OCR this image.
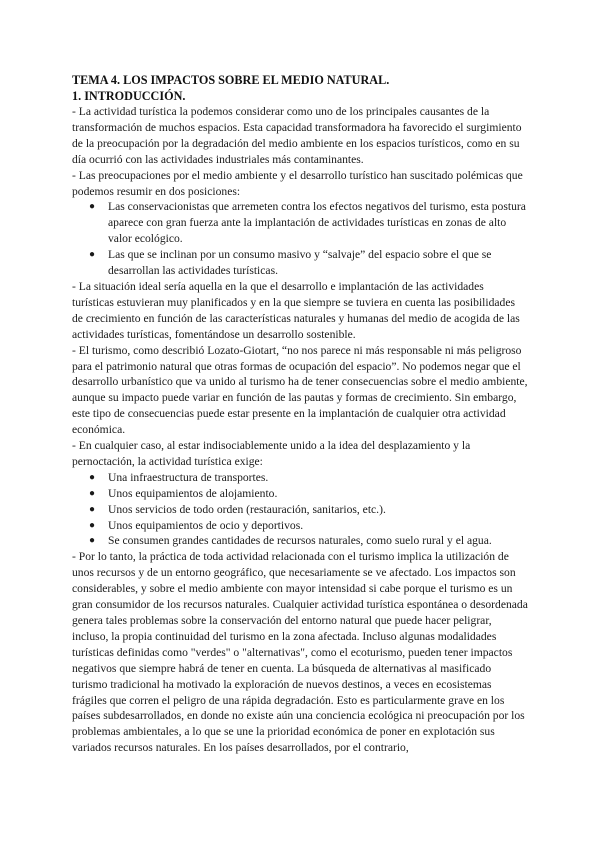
TEMA 4. LOS IMPACTOS SOBRE EL MEDIO NATURAL.
1. INTRODUCCIÓN.

- La actividad turística la podemos considerar como uno de los principales causantes de la transformación de muchos espacios. Esta capacidad transformadora ha favorecido el surgimiento de la preocupación por la degradación del medio ambiente en los espacios turísticos, como en su día ocurrió con las actividades industriales más contaminantes.

- Las preocupaciones por el medio ambiente y el desarrollo turístico han suscitado polémicas que podemos resumir en dos posiciones:

● Las conservacionistas que arremeten contra los efectos negativos del turismo, esta postura aparece con gran fuerza ante la implantación de actividades turísticas en zonas de alto valor ecológico.
● Las que se inclinan por un consumo masivo y “salvaje” del espacio sobre el que se desarrollan las actividades turísticas.

- La situación ideal sería aquella en la que el desarrollo e implantación de las actividades turísticas estuvieran muy planificados y en la que siempre se tuviera en cuenta las posibilidades de crecimiento en función de las características naturales y humanas del medio de acogida de las actividades turísticas, fomentándose un desarrollo sostenible.

- El turismo, como describió Lozato-Giotart, “no nos parece ni más responsable ni más peligroso para el patrimonio natural que otras formas de ocupación del espacio”. No podemos negar que el desarrollo urbanístico que va unido al turismo ha de tener consecuencias sobre el medio ambiente, aunque su impacto puede variar en función de las pautas y formas de crecimiento. Sin embargo, este tipo de consecuencias puede estar presente en la implantación de cualquier otra actividad económica.

- En cualquier caso, al estar indisociablemente unido a la idea del desplazamiento y la pernoctación, la actividad turística exige:

● Una infraestructura de transportes.
● Unos equipamientos de alojamiento.
● Unos servicios de todo orden (restauración, sanitarios, etc.).
● Unos equipamientos de ocio y deportivos.
● Se consumen grandes cantidades de recursos naturales, como suelo rural y el agua.

- Por lo tanto, la práctica de toda actividad relacionada con el turismo implica la utilización de unos recursos y de un entorno geográfico, que necesariamente se ve afectado. Los impactos son considerables, y sobre el medio ambiente con mayor intensidad si cabe porque el turismo es un gran consumidor de los recursos naturales. Cualquier actividad turística espontánea o desordenada genera tales problemas sobre la conservación del entorno natural que puede hacer peligrar, incluso, la propia continuidad del turismo en la zona afectada. Incluso algunas modalidades turísticas definidas como "verdes" o "alternativas", como el ecoturismo, pueden tener impactos negativos que siempre habrá de tener en cuenta. La búsqueda de alternativas al masificado turismo tradicional ha motivado la exploración de nuevos destinos, a veces en ecosistemas frágiles que corren el peligro de una rápida degradación. Esto es particularmente grave en los países subdesarrollados, en donde no existe aún una conciencia ecológica ni preocupación por los problemas ambientales, a lo que se une la prioridad económica de poner en explotación sus variados recursos naturales. En los países desarrollados, por el contrario,
